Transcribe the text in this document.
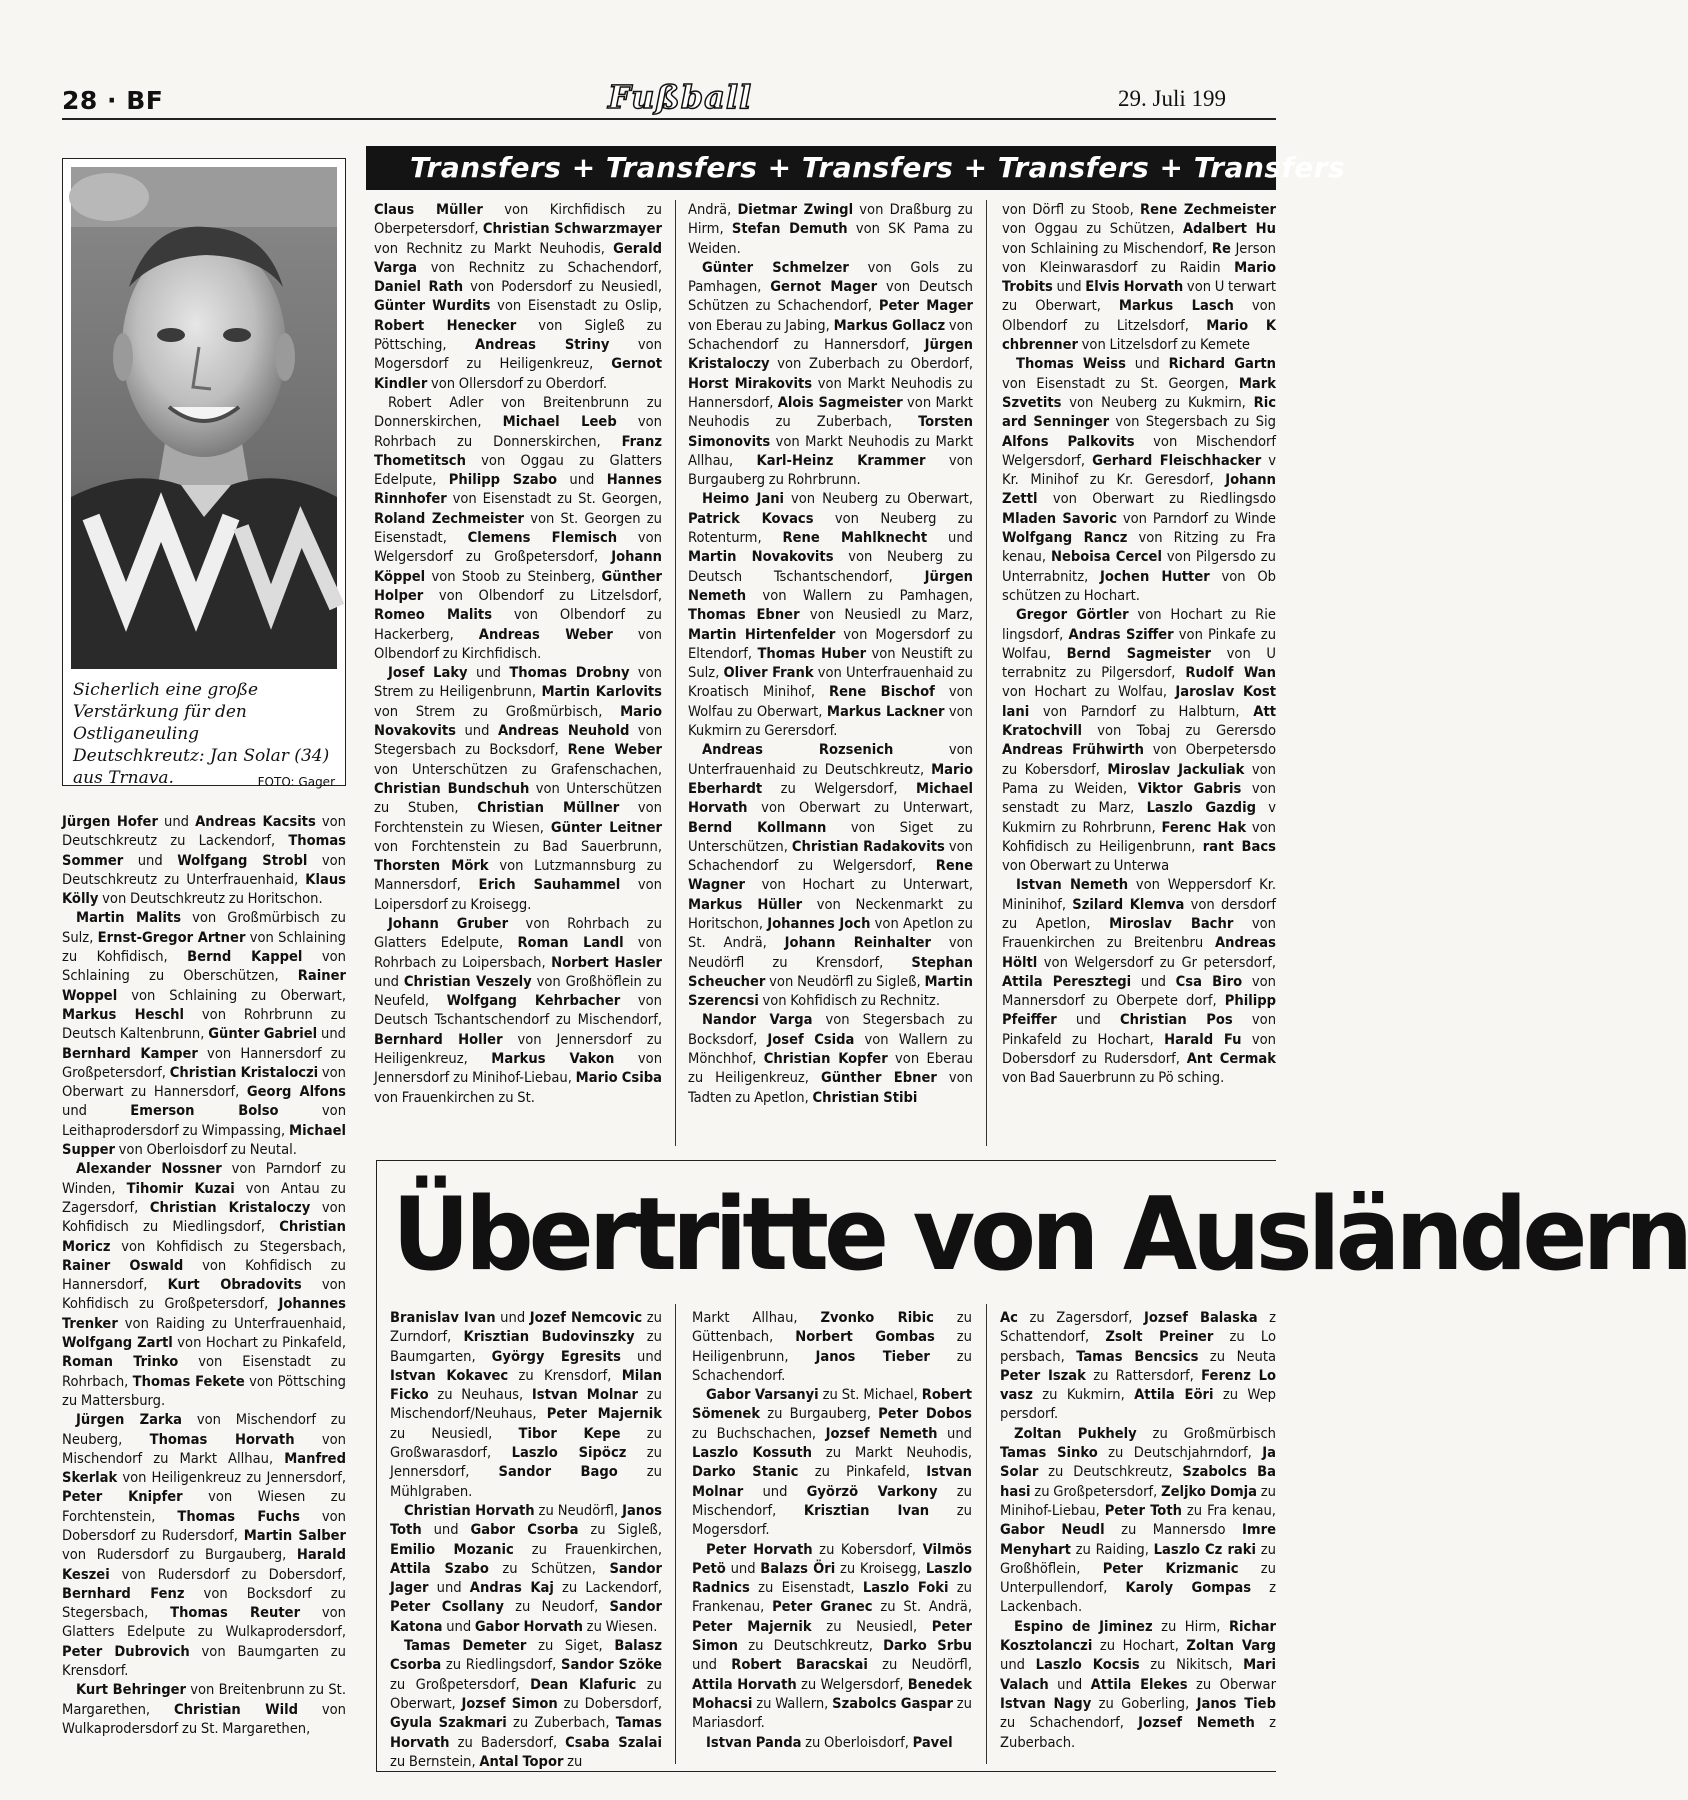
28 · BF	Fußball	29. Juli 199
Sicherlich eine große Verstärkung für den Ostliganeuling Deutschkreutz: Jan Solar (34) aus Trnava.	FOTO: Gager
Transfers + Transfers + Transfers + Transfers + Transfers

Jürgen Hofer und Andreas Kacsits von Deutschkreutz zu Lackendorf, Thomas Sommer und Wolfgang Strobl von Deutschkreutz zu Unterfrauenhaid, Klaus Kölly von Deutschkreutz zu Horitschon.

Martin Malits von Großmürbisch zu Sulz, Ernst-Gregor Artner von Schlaining zu Kohfidisch, Bernd Kappel von Schlaining zu Oberschützen, Rainer Woppel von Schlaining zu Oberwart, Markus Heschl von Rohrbrunn zu Deutsch Kaltenbrunn, Günter Gabriel und Bernhard Kamper von Hannersdorf zu Großpetersdorf, Christian Kristaloczi von Oberwart zu Hannersdorf, Georg Alfons und Emerson Bolso von Leithaprodersdorf zu Wimpassing, Michael Supper von Oberloisdorf zu Neutal.

Alexander Nossner von Parndorf zu Winden, Tihomir Kuzai von Antau zu Zagersdorf, Christian Kristaloczy von Kohfidisch zu Miedlingsdorf, Christian Moricz von Kohfidisch zu Stegersbach, Rainer Oswald von Kohfidisch zu Hannersdorf, Kurt Obradovits von Kohfidisch zu Großpetersdorf, Johannes Trenker von Raiding zu Unterfrauenhaid, Wolfgang Zartl von Hochart zu Pinkafeld, Roman Trinko von Eisenstadt zu Rohrbach, Thomas Fekete von Pöttsching zu Mattersburg.

Jürgen Zarka von Mischendorf zu Neuberg, Thomas Horvath von Mischendorf zu Markt Allhau, Manfred Skerlak von Heiligenkreuz zu Jennersdorf, Peter Knipfer von Wiesen zu Forchtenstein, Thomas Fuchs von Dobersdorf zu Rudersdorf, Martin Salber von Rudersdorf zu Burgauberg, Harald Keszei von Rudersdorf zu Dobersdorf, Bernhard Fenz von Bocksdorf zu Stegersbach, Thomas Reuter von Glatters Edelpute zu Wulkaprodersdorf, Peter Dubrovich von Baumgarten zu Krensdorf.

Kurt Behringer von Breitenbrunn zu St. Margarethen, Christian Wild von Wulkaprodersdorf zu St. Margarethen,

Claus Müller von Kirchfidisch zu Oberpetersdorf, Christian Schwarzmayer von Rechnitz zu Markt Neuhodis, Gerald Varga von Rechnitz zu Schachendorf, Daniel Rath von Podersdorf zu Neusiedl, Günter Wurdits von Eisenstadt zu Oslip, Robert Henecker von Sigleß zu Pöttsching, Andreas Striny von Mogersdorf zu Heiligenkreuz, Gernot Kindler von Ollersdorf zu Oberdorf.

Robert Adler von Breitenbrunn zu Donnerskirchen, Michael Leeb von Rohrbach zu Donnerskirchen, Franz Thometitsch von Oggau zu Glatters Edelpute, Philipp Szabo und Hannes Rinnhofer von Eisenstadt zu St. Georgen, Roland Zechmeister von St. Georgen zu Eisenstadt, Clemens Flemisch von Welgersdorf zu Großpetersdorf, Johann Köppel von Stoob zu Steinberg, Günther Holper von Olbendorf zu Litzelsdorf, Romeo Malits von Olbendorf zu Hackerberg, Andreas Weber von Olbendorf zu Kirchfidisch.

Josef Laky und Thomas Drobny von Strem zu Heiligenbrunn, Martin Karlovits von Strem zu Großmürbisch, Mario Novakovits und Andreas Neuhold von Stegersbach zu Bocksdorf, Rene Weber von Unterschützen zu Grafenschachen, Christian Bundschuh von Unterschützen zu Stuben, Christian Müllner von Forchtenstein zu Wiesen, Günter Leitner von Forchtenstein zu Bad Sauerbrunn, Thorsten Mörk von Lutzmannsburg zu Mannersdorf, Erich Sauhammel von Loipersdorf zu Kroisegg.

Johann Gruber von Rohrbach zu Glatters Edelpute, Roman Landl von Rohrbach zu Loipersbach, Norbert Hasler und Christian Veszely von Großhöflein zu Neufeld, Wolfgang Kehrbacher von Deutsch Tschantschendorf zu Mischendorf, Bernhard Holler von Jennersdorf zu Heiligenkreuz, Markus Vakon von Jennersdorf zu Minihof-Liebau, Mario Csiba von Frauenkirchen zu St.

Andrä, Dietmar Zwingl von Draßburg zu Hirm, Stefan Demuth von SK Pama zu Weiden.

Günter Schmelzer von Gols zu Pamhagen, Gernot Mager von Deutsch Schützen zu Schachendorf, Peter Mager von Eberau zu Jabing, Markus Gollacz von Schachendorf zu Hannersdorf, Jürgen Kristaloczy von Zuberbach zu Oberdorf, Horst Mirakovits von Markt Neuhodis zu Hannersdorf, Alois Sagmeister von Markt Neuhodis zu Zuberbach, Torsten Simonovits von Markt Neuhodis zu Markt Allhau, Karl-Heinz Krammer von Burgauberg zu Rohrbrunn.

Heimo Jani von Neuberg zu Oberwart, Patrick Kovacs von Neuberg zu Rotenturm, Rene Mahlknecht und Martin Novakovits von Neuberg zu Deutsch Tschantschendorf, Jürgen Nemeth von Wallern zu Pamhagen, Thomas Ebner von Neusiedl zu Marz, Martin Hirtenfelder von Mogersdorf zu Eltendorf, Thomas Huber von Neustift zu Sulz, Oliver Frank von Unterfrauenhaid zu Kroatisch Minihof, Rene Bischof von Wolfau zu Oberwart, Markus Lackner von Kukmirn zu Gerersdorf.

Andreas Rozsenich von Unterfrauenhaid zu Deutschkreutz, Mario Eberhardt zu Welgersdorf, Michael Horvath von Oberwart zu Unterwart, Bernd Kollmann von Siget zu Unterschützen, Christian Radakovits von Schachendorf zu Welgersdorf, Rene Wagner von Hochart zu Unterwart, Markus Hüller von Neckenmarkt zu Horitschon, Johannes Joch von Apetlon zu St. Andrä, Johann Reinhalter von Neudörfl zu Krensdorf, Stephan Scheucher von Neudörfl zu Sigleß, Martin Szerencsi von Kohfidisch zu Rechnitz.

Nandor Varga von Stegersbach zu Bocksdorf, Josef Csida von Wallern zu Mönchhof, Christian Kopfer von Eberau zu Heiligenkreuz, Günther Ebner von Tadten zu Apetlon, Christian Stibi

von Dörfl zu Stoob, Rene Zechmeister von Oggau zu Schützen, Adalbert Hu von Schlaining zu Mischendorf, Re Jerson von Kleinwarasdorf zu Raidin Mario Trobits und Elvis Horvath von U terwart zu Oberwart, Markus Lasch von Olbendorf zu Litzelsdorf, Mario K chbrenner von Litzelsdorf zu Kemete

Thomas Weiss und Richard Gartn von Eisenstadt zu St. Georgen, Mark Szvetits von Neuberg zu Kukmirn, Ric ard Senninger von Stegersbach zu Sig Alfons Palkovits von Mischendorf Welgersdorf, Gerhard Fleischhacker v Kr. Minihof zu Kr. Geresdorf, Johann Zettl von Oberwart zu Riedlingsdo Mladen Savoric von Parndorf zu Winde Wolfgang Rancz von Ritzing zu Fra kenau, Neboisa Cercel von Pilgersdo zu Unterrabnitz, Jochen Hutter von Ob schützen zu Hochart.

Gregor Görtler von Hochart zu Rie lingsdorf, Andras Sziffer von Pinkafe zu Wolfau, Bernd Sagmeister von U terrabnitz zu Pilgersdorf, Rudolf Wan von Hochart zu Wolfau, Jaroslav Kost lani von Parndorf zu Halbturn, Att Kratochvill von Tobaj zu Gerersdo Andreas Frühwirth von Oberpetersdo zu Kobersdorf, Miroslav Jackuliak von Pama zu Weiden, Viktor Gabris von senstadt zu Marz, Laszlo Gazdig v Kukmirn zu Rohrbrunn, Ferenc Hak von Kohfidisch zu Heiligenbrunn, rant Bacs von Oberwart zu Unterwa

Istvan Nemeth von Weppersdorf Kr. Mininihof, Szilard Klemva von dersdorf zu Apetlon, Miroslav Bachr von Frauenkirchen zu Breitenbru Andreas Höltl von Welgersdorf zu Gr petersdorf, Attila Peresztegi und Csa Biro von Mannersdorf zu Oberpete dorf, Philipp Pfeiffer und Christian Pos von Pinkafeld zu Hochart, Harald Fu von Dobersdorf zu Rudersdorf, Ant Cermak von Bad Sauerbrunn zu Pö sching.

Übertritte von Ausländern

Branislav Ivan und Jozef Nemcovic zu Zurndorf, Krisztian Budovinszky zu Baumgarten, György Egresits und Istvan Kokavec zu Krensdorf, Milan Ficko zu Neuhaus, Istvan Molnar zu Mischendorf/Neuhaus, Peter Majernik zu Neusiedl, Tibor Kepe zu Großwarasdorf, Laszlo Sipöcz zu Jennersdorf, Sandor Bago zu Mühlgraben.

Christian Horvath zu Neudörfl, Janos Toth und Gabor Csorba zu Sigleß, Emilio Mozanic zu Frauenkirchen, Attila Szabo zu Schützen, Sandor Jager und Andras Kaj zu Lackendorf, Peter Csollany zu Neudorf, Sandor Katona und Gabor Horvath zu Wiesen.

Tamas Demeter zu Siget, Balasz Csorba zu Riedlingsdorf, Sandor Szöke zu Großpetersdorf, Dean Klafuric zu Oberwart, Jozsef Simon zu Dobersdorf, Gyula Szakmari zu Zuberbach, Tamas Horvath zu Badersdorf, Csaba Szalai zu Bernstein, Antal Topor zu

Markt Allhau, Zvonko Ribic zu Güttenbach, Norbert Gombas zu Heiligenbrunn, Janos Tieber zu Schachendorf.

Gabor Varsanyi zu St. Michael, Robert Sömenek zu Burgauberg, Peter Dobos zu Buchschachen, Jozsef Nemeth und Laszlo Kossuth zu Markt Neuhodis, Darko Stanic zu Pinkafeld, Istvan Molnar und Györzö Varkony zu Mischendorf, Krisztian Ivan zu Mogersdorf.

Peter Horvath zu Kobersdorf, Vilmös Petö und Balazs Öri zu Kroisegg, Laszlo Radnics zu Eisenstadt, Laszlo Foki zu Frankenau, Peter Granec zu St. Andrä, Peter Majernik zu Neusiedl, Peter Simon zu Deutschkreutz, Darko Srbu und Robert Baracskai zu Neudörfl, Attila Horvath zu Welgersdorf, Benedek Mohacsi zu Wallern, Szabolcs Gaspar zu Mariasdorf.

Istvan Panda zu Oberloisdorf, Pavel

Ac zu Zagersdorf, Jozsef Balaska z Schattendorf, Zsolt Preiner zu Lo persbach, Tamas Bencsics zu Neuta Peter Iszak zu Rattersdorf, Ferenz Lo vasz zu Kukmirn, Attila Eöri zu Wep persdorf.

Zoltan Pukhely zu Großmürbisch Tamas Sinko zu Deutschjahrndorf, Ja Solar zu Deutschkreutz, Szabolcs Ba hasi zu Großpetersdorf, Zeljko Domja zu Minihof-Liebau, Peter Toth zu Fra kenau, Gabor Neudl zu Mannersdo Imre Menyhart zu Raiding, Laszlo Cz raki zu Großhöflein, Peter Krizmanic zu Unterpullendorf, Karoly Gompas z Lackenbach.

Espino de Jiminez zu Hirm, Richar Kosztolanczi zu Hochart, Zoltan Varg und Laszlo Kocsis zu Nikitsch, Mari Valach und Attila Elekes zu Oberwar Istvan Nagy zu Goberling, Janos Tieb zu Schachendorf, Jozsef Nemeth z Zuberbach.
